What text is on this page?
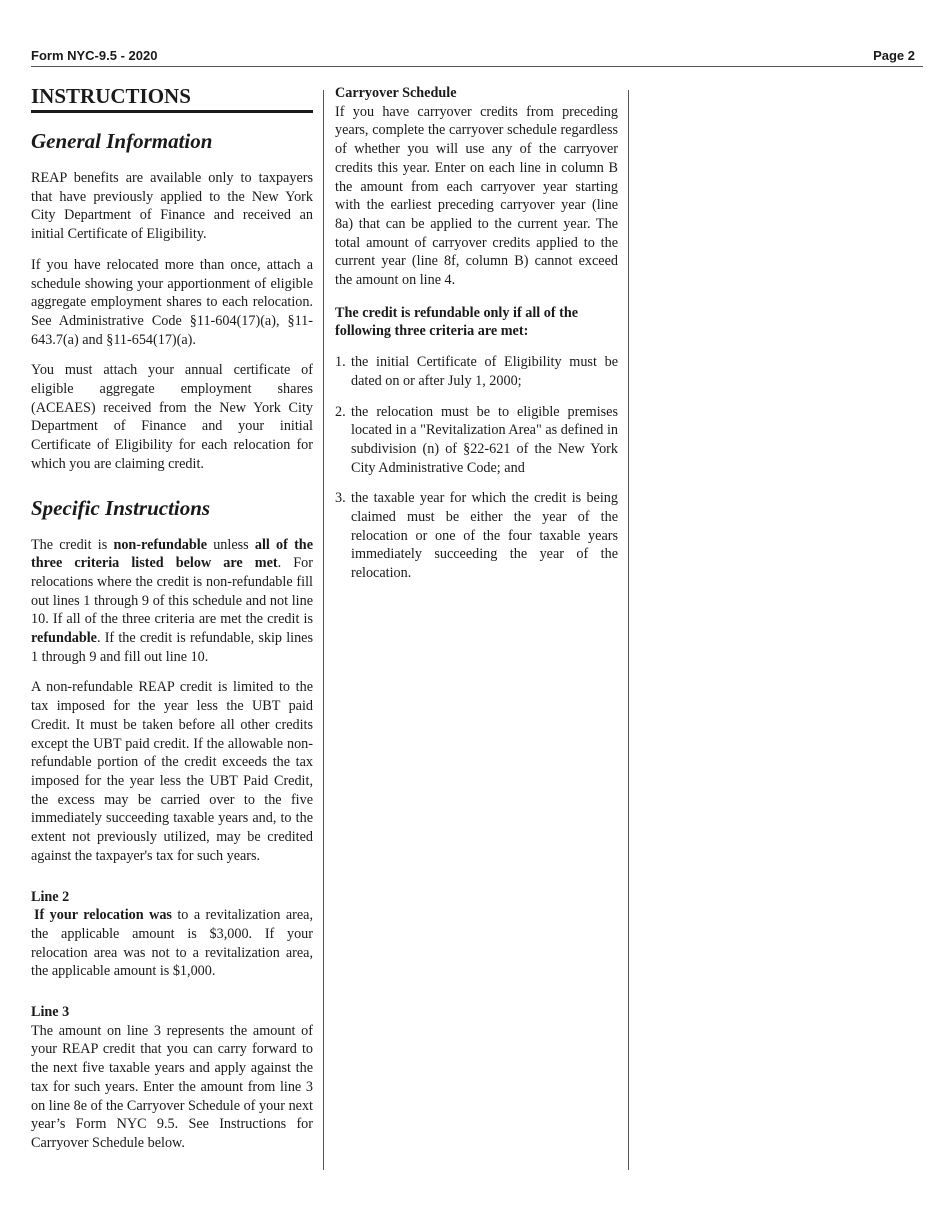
Form NYC-9.5 - 2020	Page 2
INSTRUCTIONS
General Information

REAP benefits are available only to taxpayers that have previously applied to the New York City Department of Finance and received an initial Certificate of Eligibility.

If you have relocated more than once, attach a schedule showing your apportionment of eligible aggregate employment shares to each relocation. See Administrative Code §11-604(17)(a), §11-643.7(a) and §11-654(17)(a).

You must attach your annual certificate of eligible aggregate employment shares (ACEAES) received from the New York City Department of Finance and your initial Certificate of Eligibility for each relocation for which you are claiming credit.

Specific Instructions

The credit is non-refundable unless all of the three criteria listed below are met. For relocations where the credit is non-refundable fill out lines 1 through 9 of this schedule and not line 10. If all of the three criteria are met the credit is refundable. If the credit is refundable, skip lines 1 through 9 and fill out line 10.

A non-refundable REAP credit is limited to the tax imposed for the year less the UBT paid Credit. It must be taken before all other credits except the UBT paid credit. If the allowable non-refundable portion of the credit exceeds the tax imposed for the year less the UBT Paid Credit, the excess may be carried over to the five immediately succeeding taxable years and, to the extent not previously utilized, may be credited against the taxpayer's tax for such years.

Line 2

If your relocation was to a revitalization area, the applicable amount is $3,000. If your relocation area was not to a revitalization area, the applicable amount is $1,000.

Line 3

The amount on line 3 represents the amount of your REAP credit that you can carry forward to the next five taxable years and apply against the tax for such years. Enter the amount from line 3 on line 8e of the Carryover Schedule of your next year’s Form NYC 9.5. See Instructions for Carryover Schedule below.

Carryover Schedule

If you have carryover credits from preceding years, complete the carryover schedule regardless of whether you will use any of the carryover credits this year. Enter on each line in column B the amount from each carryover year starting with the earliest preceding carryover year (line 8a) that can be applied to the current year. The total amount of carryover credits applied to the current year (line 8f, column B) cannot exceed the amount on line 4.

The credit is refundable only if all of the following three criteria are met:

1. the initial Certificate of Eligibility must be dated on or after July 1, 2000;
2. the relocation must be to eligible premises located in a "Revitalization Area" as defined in subdivision (n) of §22-621 of the New York City Administrative Code; and
3. the taxable year for which the credit is being claimed must be either the year of the relocation or one of the four taxable years immediately succeeding the year of the relocation.
